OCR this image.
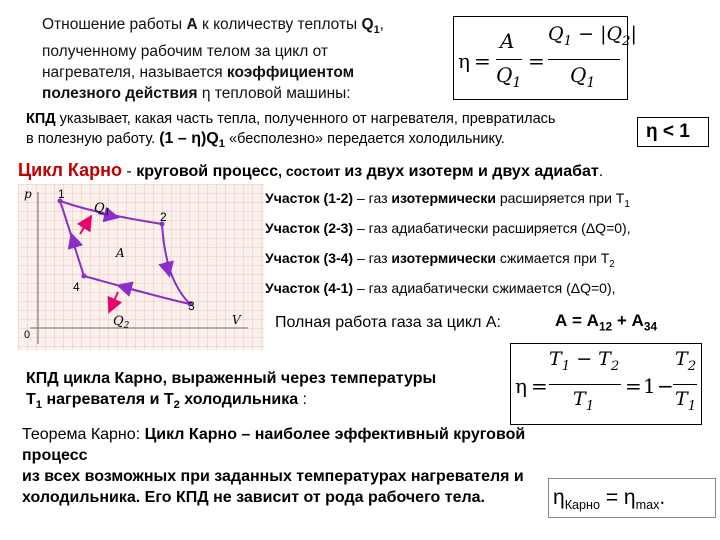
Отношение работы А к количеству теплоты $Q_1$,
полученному рабочим телом за цикл от
нагревателя, называется коэффициентом
полезного действия η тепловой машины:
η =
A
$Q_1$
=
$Q_1 - |Q_2|$
$Q_1$
КПД указывает, какая часть тепла, полученного от нагревателя, превратилась
в полезную работу. $(1 - \eta)Q_1$ «бесполезно» передается холодильнику.	η < 1
Цикл Карно - круговой процесс, состоит из двух изотерм и двух адиабат.
1
2
3
4
$Q_1$
$Q_2$
A
p
V
0
Участок (1-2) – газ изотермически расширяется при $Т_1$
Участок (2-3) – газ адиабатически расширяется (ΔQ=0),
Участок (3-4) – газ изотермически сжимается при $Т_2$
Участок (4-1) – газ адиабатически сжимается (ΔQ=0),
Полная работа газа за цикл А:	$А = А_{12} + А_{34}$
КПД цикла Карно, выраженный через температуры
$Т_1$ нагревателя и $Т_2$ холодильника :
η =
$T_1 - T_2$
$T_1$
= 1 −
$T_2$
$T_1$
Теорема Карно: Цикл Карно – наиболее эффективный круговой процесс
из всех возможных при заданных температурах нагревателя и
холодильника. Его КПД не зависит от рода рабочего тела.	$\eta_{Карно} = \eta_{max}$.
